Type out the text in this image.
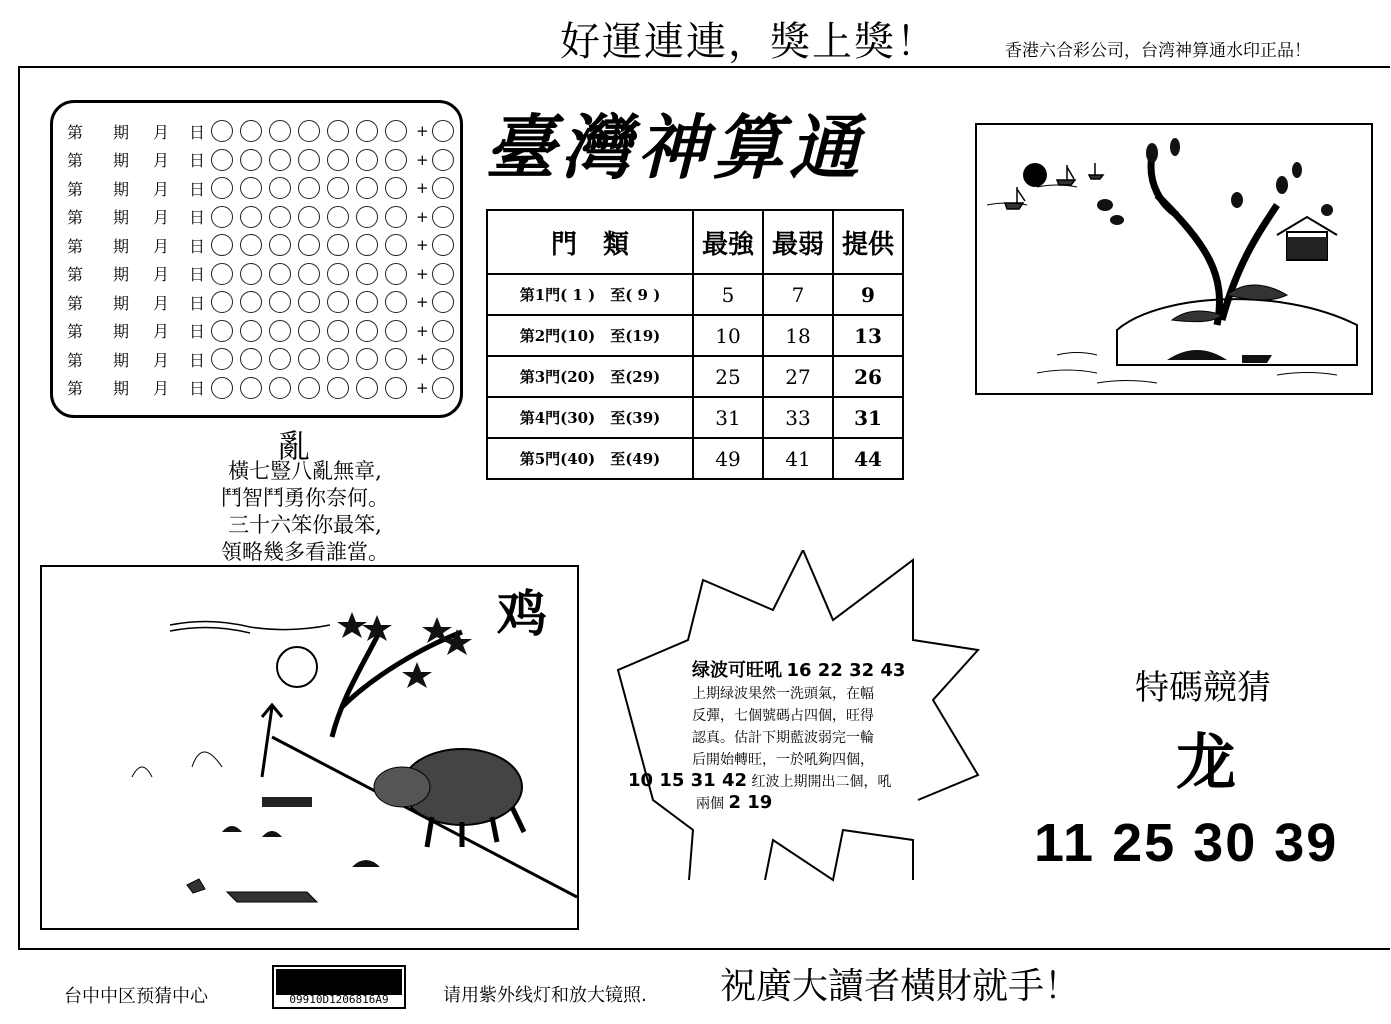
好運連連，獎上獎！	香港六合彩公司，台湾神算通水印正品！
第	期	月	日	+
第	期	月	日	+
第	期	月	日	+
第	期	月	日	+
第	期	月	日	+
第	期	月	日	+
第	期	月	日	+
第	期	月	日	+
第	期	月	日	+
第	期	月	日	+
臺灣神算通
門　類	最強	最弱	提供
第1門( 1 )　至( 9 )	5	7	9
第2門(10)　至(19)	10	18	13
第3門(20)　至(29)	25	27	26
第4門(30)　至(39)	31	33	31
第5門(40)　至(49)	49	41	44
亂
橫七豎八亂無章,
鬥智鬥勇你奈何。
三十六笨你最笨,
領略幾多看誰當。
鸡
绿波可旺吼 16 22 32 43
上期绿波果然一洗頭氣，在幅
反彈，七個號碼占四個，旺得
認真。估計下期藍波弱完一輪
后開始轉旺，一於吼夠四個，
10 15 31 42 红波上期開出二個，吼
兩個 2 19
特碼競猜
龙
11 25 30 39
台中中区预猜中心	09910D1206816A9	请用紫外线灯和放大镜照. 祝廣大讀者橫財就手！
